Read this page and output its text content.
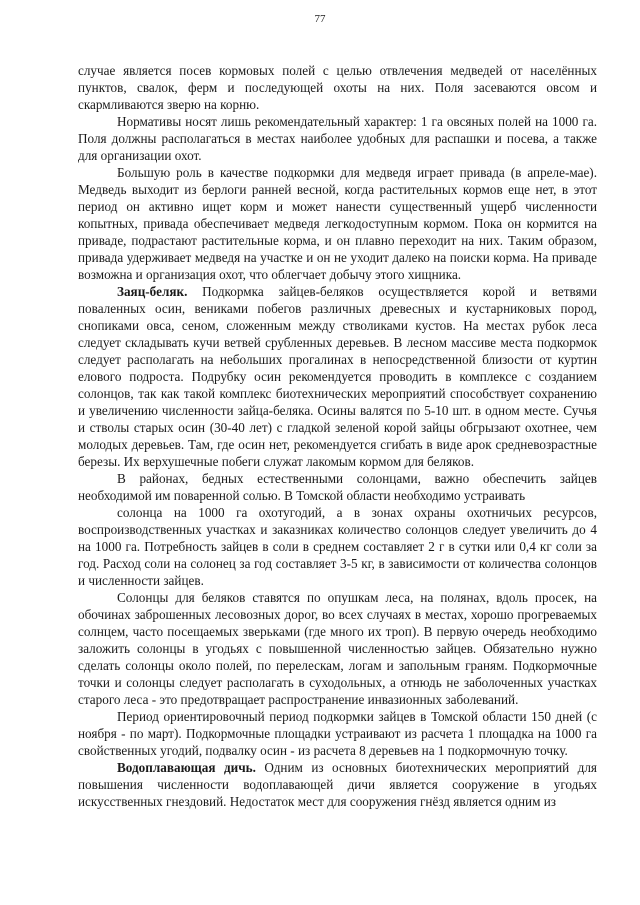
77

случае является посев кормовых полей с целью отвлечения медведей от населённых пунктов, свалок, ферм и последующей охоты на них. Поля засеваются овсом и скармливаются зверю на корню.

Нормативы носят лишь рекомендательный характер: 1 га овсяных полей на 1000 га. Поля должны располагаться в местах наиболее удобных для распашки и посева, а также для организации охот.

Большую роль в качестве подкормки для медведя играет привада (в апреле-мае). Медведь выходит из берлоги ранней весной, когда растительных кормов еще нет, в этот период он активно ищет корм и может нанести существенный ущерб численности копытных, привада обеспечивает медведя легкодоступным кормом. Пока он кормится на приваде, подрастают растительные корма, и он плавно переходит на них. Таким образом, привада удерживает медведя на участке и он не уходит далеко на поиски корма. На приваде возможна и организация охот, что облегчает добычу этого хищника.

Заяц-беляк. Подкормка зайцев-беляков осуществляется корой и ветвями поваленных осин, вениками побегов различных древесных и кустарниковых пород, снопиками овса, сеном, сложенным между стволиками кустов. На местах рубок леса следует складывать кучи ветвей срубленных деревьев. В лесном массиве места подкормок следует располагать на небольших прогалинах в непосредственной близости от куртин елового подроста. Подрубку осин рекомендуется проводить в комплексе с созданием солонцов, так как такой комплекс биотехнических мероприятий способствует сохранению и увеличению численности зайца-беляка. Осины валятся по 5-10 шт. в одном месте. Сучья и стволы старых осин (30-40 лет) с гладкой зеленой корой зайцы обгрызают охотнее, чем молодых деревьев. Там, где осин нет, рекомендуется сгибать в виде арок средневозрастные березы. Их верхушечные побеги служат лакомым кормом для беляков.

В районах, бедных естественными солонцами, важно обеспечить зайцев необходимой им поваренной солью. В Томской области необходимо устраивать

солонца на 1000 га охотугодий, а в зонах охраны охотничьих ресурсов, воспроизводственных участках и заказниках количество солонцов следует увеличить до 4 на 1000 га. Потребность зайцев в соли в среднем составляет 2 г в сутки или 0,4 кг соли за год. Расход соли на солонец за год составляет 3-5 кг, в зависимости от количества солонцов и численности зайцев.

Солонцы для беляков ставятся по опушкам леса, на полянах, вдоль просек, на обочинах заброшенных лесовозных дорог, во всех случаях в местах, хорошо прогреваемых солнцем, часто посещаемых зверьками (где много их троп). В первую очередь необходимо заложить солонцы в угодьях с повышенной численностью зайцев. Обязательно нужно сделать солонцы около полей, по перелескам, логам и запольным граням. Подкормочные точки и солонцы следует располагать в суходольных, а отнюдь не заболоченных участках старого леса - это предотвращает распространение инвазионных заболеваний.

Период ориентировочный период подкормки зайцев в Томской области 150 дней (с ноября - по март). Подкормочные площадки устраивают из расчета 1 площадка на 1000 га свойственных угодий, подвалку осин - из расчета 8 деревьев на 1 подкормочную точку.

Водоплавающая дичь. Одним из основных биотехнических мероприятий для повышения численности водоплавающей дичи является сооружение в угодьях искусственных гнездовий. Недостаток мест для сооружения гнёзд является одним из
